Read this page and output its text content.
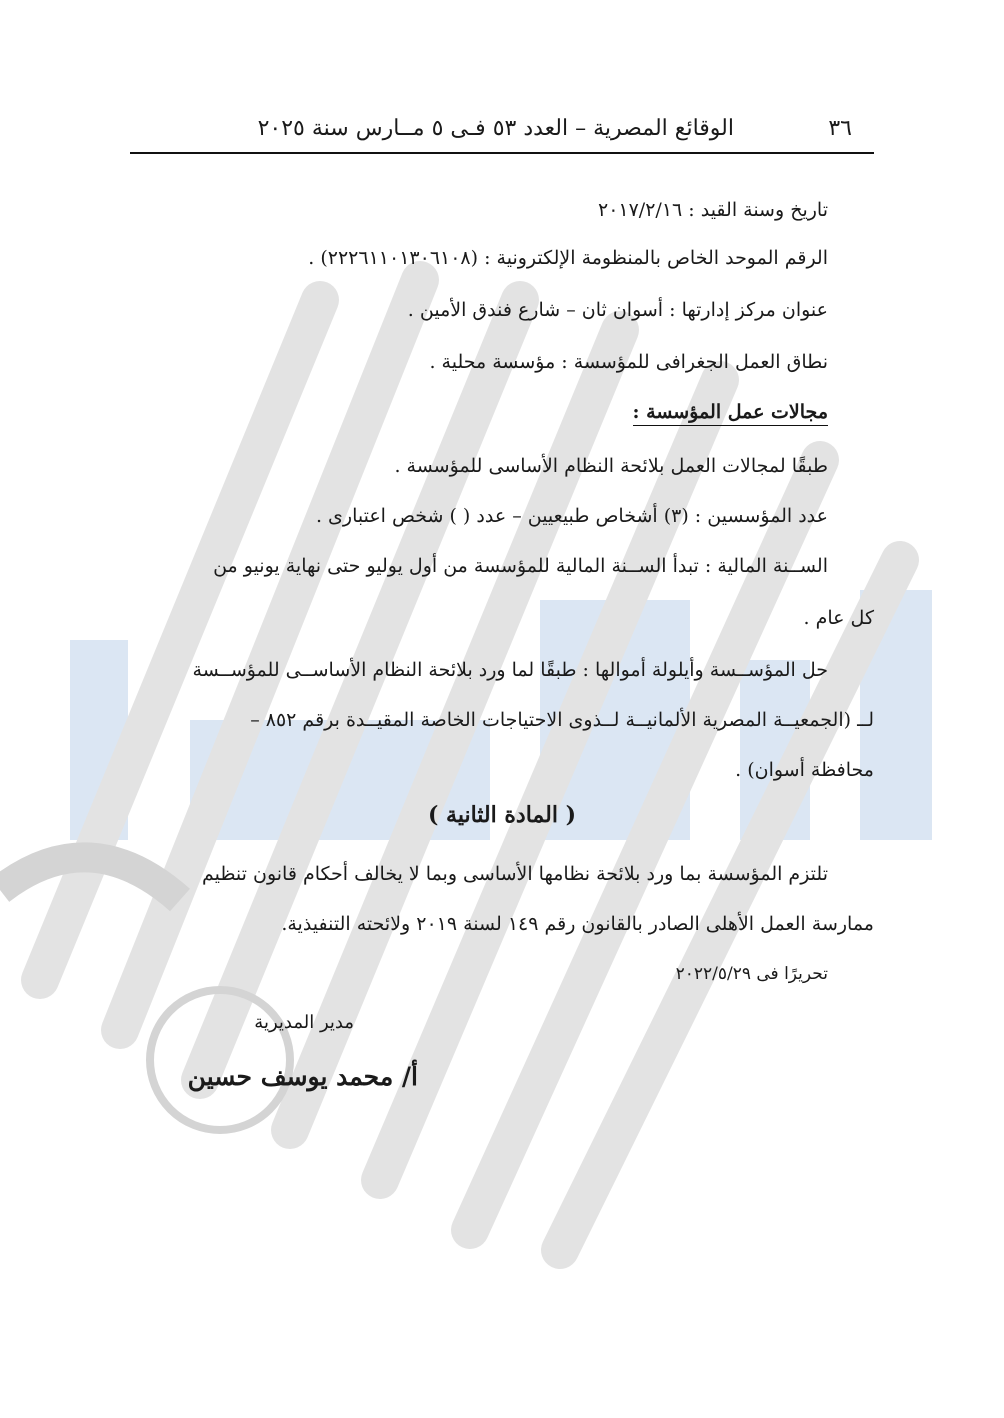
٣٦
الوقائع المصرية – العدد ٥٣ فـى ٥ مــارس سنة ٢٠٢٥
تاريخ وسنة القيد : ٢٠١٧/٢/١٦
الرقم الموحد الخاص بالمنظومة الإلكترونية : (٢٢٢٦١١٠١٣٠٦١٠٨) .
عنوان مركز إدارتها : أسوان ثان – شارع فندق الأمين .
نطاق العمل الجغرافى للمؤسسة : مؤسسة محلية .
مجالات عمل المؤسسة :
طبقًا لمجالات العمل بلائحة النظام الأساسى للمؤسسة .
عدد المؤسسين : (٣) أشخاص طبيعيين – عدد ( ) شخص اعتبارى .
الســنة المالية : تبدأ الســنة المالية للمؤسسة من أول يوليو حتى نهاية يونيو من
كل عام .
حل المؤســسة وأيلولة أموالها : طبقًا لما ورد بلائحة النظام الأساســى للمؤســسة
لــ (الجمعيــة المصرية الألمانيــة لــذوى الاحتياجات الخاصة المقيــدة برقم ٨٥٢ –
محافظة أسوان) .
( المادة الثانية )
تلتزم المؤسسة بما ورد بلائحة نظامها الأساسى وبما لا يخالف أحكام قانون تنظيم
ممارسة العمل الأهلى الصادر بالقانون رقم ١٤٩ لسنة ٢٠١٩ ولائحته التنفيذية.
تحريرًا فى ٢٠٢٢/٥/٢٩
مدير المديرية
أ/ محمد يوسف حسين
